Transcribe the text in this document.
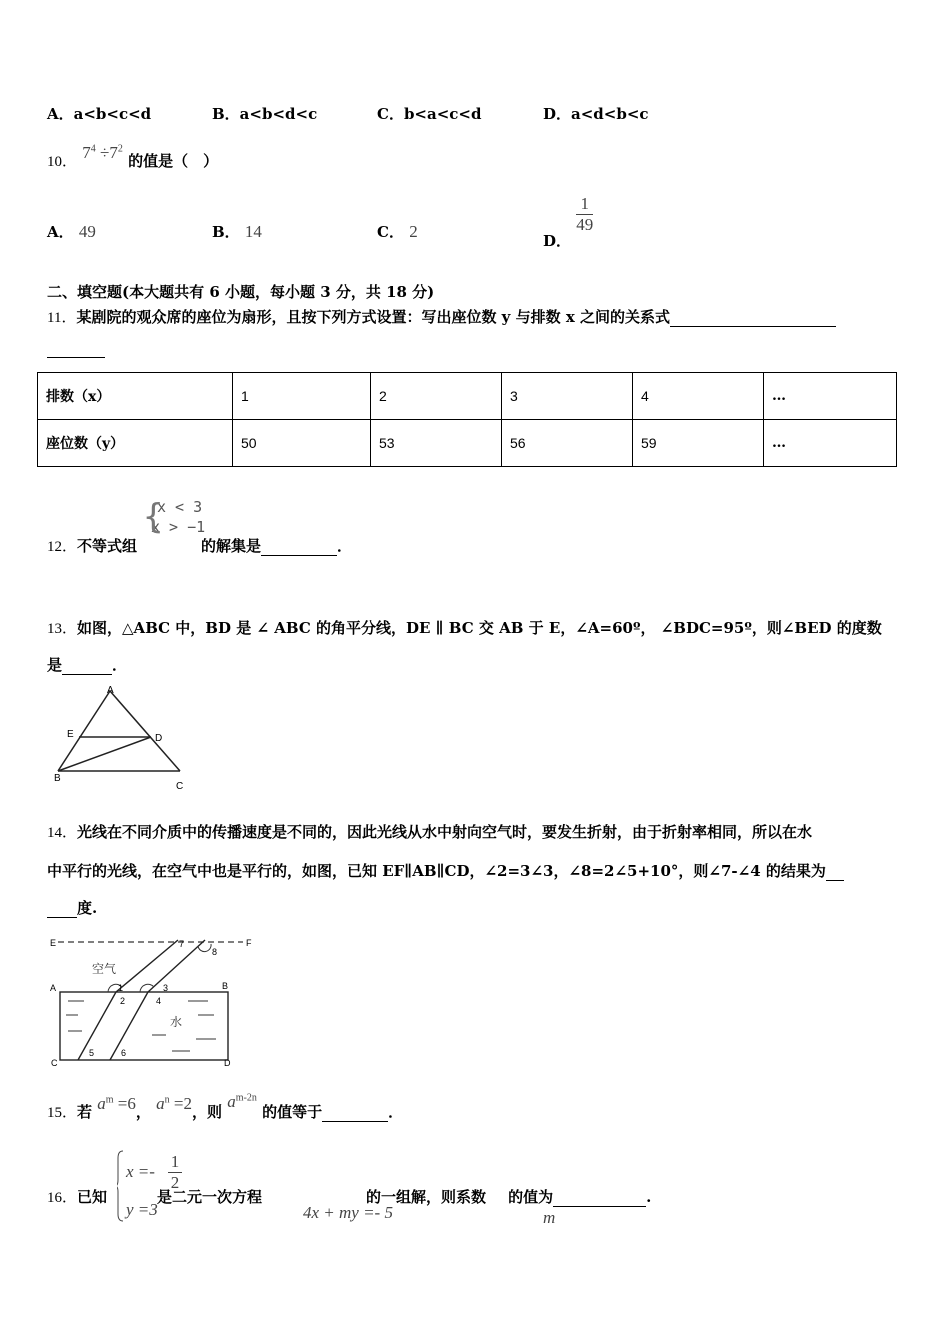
A．a<b<c<d	B．a<b<d<c	C．b<a<c<d	D．a<d<b<c
10． $7^4 \div 7^2$ 的值是（　）
A． 49	B． 14	C． 2	D．
$\frac{1}{49}$
二、填空题(本大题共有 6 小题，每小题 3 分，共 18 分)
11．某剧院的观众席的座位为扇形，且按下列方式设置：写出座位数 y 与排数 x 之间的关系式
排数（x）	1	2	3	4	…
座位数（y）	50	53	56	59	…
{
x < 3
x > −1
12．不等式组	的解集是	．
13．如图，△ABC 中，BD 是 ∠ ABC 的角平分线，DE ∥ BC 交 AB 于 E，∠A=60º， ∠BDC=95º，则∠BED 的度数
是	．
A
E	D
B
C
14．光线在不同介质中的传播速度是不同的，因此光线从水中射向空气时，要发生折射，由于折射率相同，所以在水
中平行的光线，在空气中也是平行的，如图，已知 EF∥AB∥CD，∠2=3∠3，∠8=2∠5+10°，则∠7-∠4 的结果为
度.
E	F
A	B
C	D
空气
水
1
2
3
4
5	6
7
8
15．若 $a^m =6$， $a^n =2$，则 $a^{m-2n}$ 的值等于	．
x =-
1
2
y =3
16．已知	是二元一次方程	的一组解，则系数 的值为	.
4x + my =- 5	m
